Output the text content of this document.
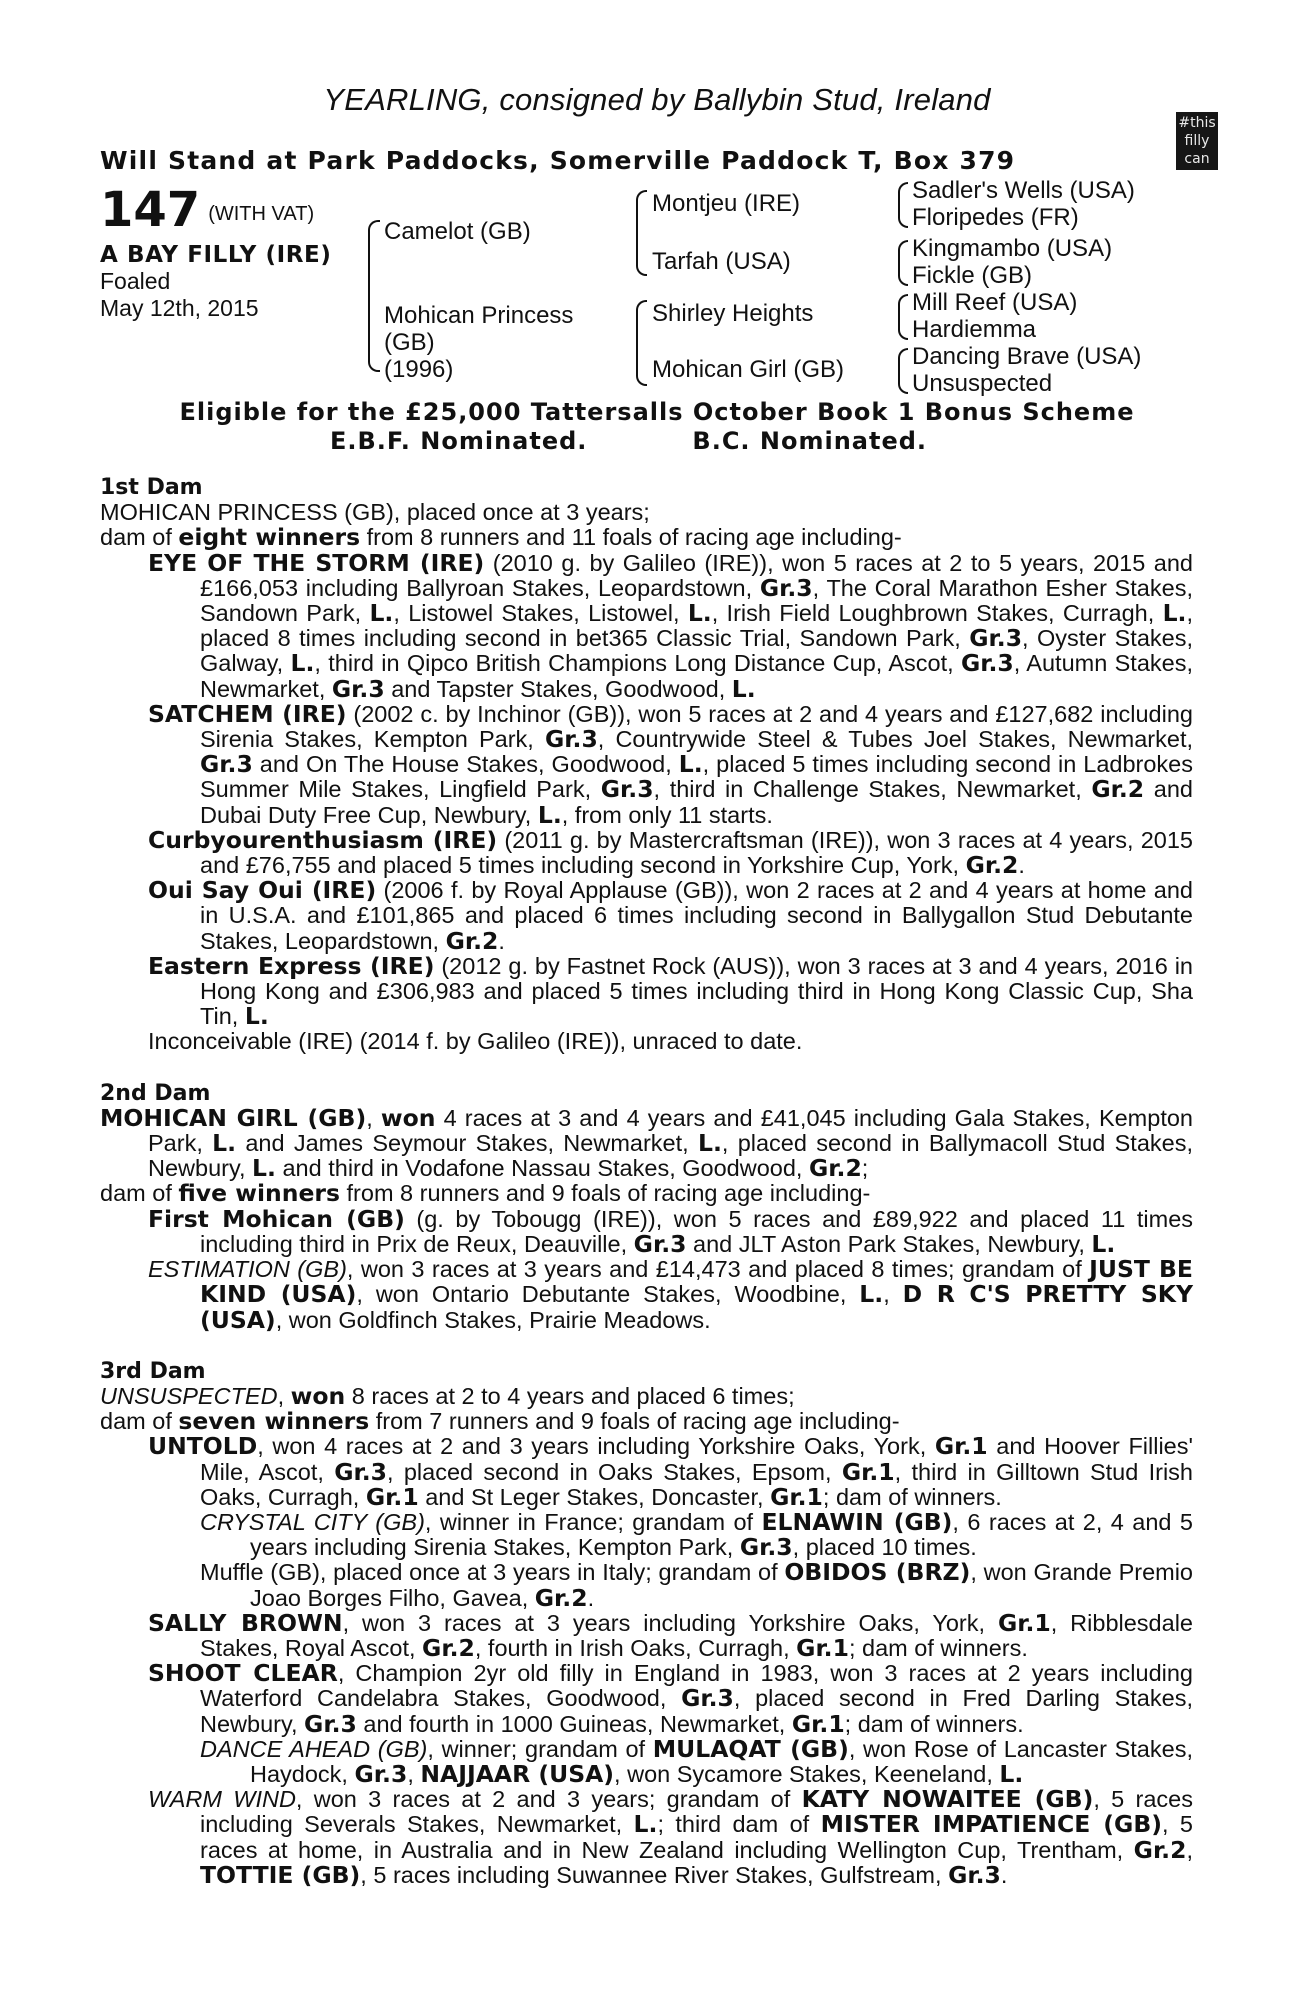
YEARLING, consigned by Ballybin Stud, Ireland
#this
filly
can
Will Stand at Park Paddocks, Somerville Paddock T, Box 379
147 (WITH VAT)
A BAY FILLY (IRE)
Foaled
May 12th, 2015
Camelot (GB)
Mohican Princess
(GB)
(1996)
Montjeu (IRE)
Tarfah (USA)
Shirley Heights
Mohican Girl (GB)
Sadler's Wells (USA)
Floripedes (FR)
Kingmambo (USA)
Fickle (GB)
Mill Reef (USA)
Hardiemma
Dancing Brave (USA)
Unsuspected
Eligible for the £25,000 Tattersalls October Book 1 Bonus Scheme
E.B.F. Nominated.	B.C. Nominated.
1st Dam
MOHICAN PRINCESS (GB), placed once at 3 years;
dam of eight winners from 8 runners and 11 foals of racing age including-
EYE OF THE STORM (IRE) (2010 g. by Galileo (IRE)), won 5 races at 2 to 5 years, 2015 and £166,053 including Ballyroan Stakes, Leopardstown, Gr.3, The Coral Marathon Esher Stakes, Sandown Park, L., Listowel Stakes, Listowel, L., Irish Field Loughbrown Stakes, Curragh, L., placed 8 times including second in bet365 Classic Trial, Sandown Park, Gr.3, Oyster Stakes, Galway, L., third in Qipco British Champions Long Distance Cup, Ascot, Gr.3, Autumn Stakes, Newmarket, Gr.3 and Tapster Stakes, Goodwood, L.
SATCHEM (IRE) (2002 c. by Inchinor (GB)), won 5 races at 2 and 4 years and £127,682 including Sirenia Stakes, Kempton Park, Gr.3, Countrywide Steel & Tubes Joel Stakes, Newmarket, Gr.3 and On The House Stakes, Goodwood, L., placed 5 times including second in Ladbrokes Summer Mile Stakes, Lingfield Park, Gr.3, third in Challenge Stakes, Newmarket, Gr.2 and Dubai Duty Free Cup, Newbury, L., from only 11 starts.
Curbyourenthusiasm (IRE) (2011 g. by Mastercraftsman (IRE)), won 3 races at 4 years, 2015 and £76,755 and placed 5 times including second in Yorkshire Cup, York, Gr.2.
Oui Say Oui (IRE) (2006 f. by Royal Applause (GB)), won 2 races at 2 and 4 years at home and in U.S.A. and £101,865 and placed 6 times including second in Ballygallon Stud Debutante Stakes, Leopardstown, Gr.2.
Eastern Express (IRE) (2012 g. by Fastnet Rock (AUS)), won 3 races at 3 and 4 years, 2016 in Hong Kong and £306,983 and placed 5 times including third in Hong Kong Classic Cup, Sha Tin, L.
Inconceivable (IRE) (2014 f. by Galileo (IRE)), unraced to date.
2nd Dam
MOHICAN GIRL (GB), won 4 races at 3 and 4 years and £41,045 including Gala Stakes, Kempton Park, L. and James Seymour Stakes, Newmarket, L., placed second in Ballymacoll Stud Stakes, Newbury, L. and third in Vodafone Nassau Stakes, Goodwood, Gr.2;
dam of five winners from 8 runners and 9 foals of racing age including-
First Mohican (GB) (g. by Tobougg (IRE)), won 5 races and £89,922 and placed 11 times including third in Prix de Reux, Deauville, Gr.3 and JLT Aston Park Stakes, Newbury, L.
ESTIMATION (GB), won 3 races at 3 years and £14,473 and placed 8 times; grandam of JUST BE KIND (USA), won Ontario Debutante Stakes, Woodbine, L., D R C'S PRETTY SKY (USA), won Goldfinch Stakes, Prairie Meadows.
3rd Dam
UNSUSPECTED, won 8 races at 2 to 4 years and placed 6 times;
dam of seven winners from 7 runners and 9 foals of racing age including-
UNTOLD, won 4 races at 2 and 3 years including Yorkshire Oaks, York, Gr.1 and Hoover Fillies' Mile, Ascot, Gr.3, placed second in Oaks Stakes, Epsom, Gr.1, third in Gilltown Stud Irish Oaks, Curragh, Gr.1 and St Leger Stakes, Doncaster, Gr.1; dam of winners.
CRYSTAL CITY (GB), winner in France; grandam of ELNAWIN (GB), 6 races at 2, 4 and 5 years including Sirenia Stakes, Kempton Park, Gr.3, placed 10 times.
Muffle (GB), placed once at 3 years in Italy; grandam of OBIDOS (BRZ), won Grande Premio Joao Borges Filho, Gavea, Gr.2.
SALLY BROWN, won 3 races at 3 years including Yorkshire Oaks, York, Gr.1, Ribblesdale Stakes, Royal Ascot, Gr.2, fourth in Irish Oaks, Curragh, Gr.1; dam of winners.
SHOOT CLEAR, Champion 2yr old filly in England in 1983, won 3 races at 2 years including Waterford Candelabra Stakes, Goodwood, Gr.3, placed second in Fred Darling Stakes, Newbury, Gr.3 and fourth in 1000 Guineas, Newmarket, Gr.1; dam of winners.
DANCE AHEAD (GB), winner; grandam of MULAQAT (GB), won Rose of Lancaster Stakes, Haydock, Gr.3, NAJJAAR (USA), won Sycamore Stakes, Keeneland, L.
WARM WIND, won 3 races at 2 and 3 years; grandam of KATY NOWAITEE (GB), 5 races including Severals Stakes, Newmarket, L.; third dam of MISTER IMPATIENCE (GB), 5 races at home, in Australia and in New Zealand including Wellington Cup, Trentham, Gr.2, TOTTIE (GB), 5 races including Suwannee River Stakes, Gulfstream, Gr.3.
